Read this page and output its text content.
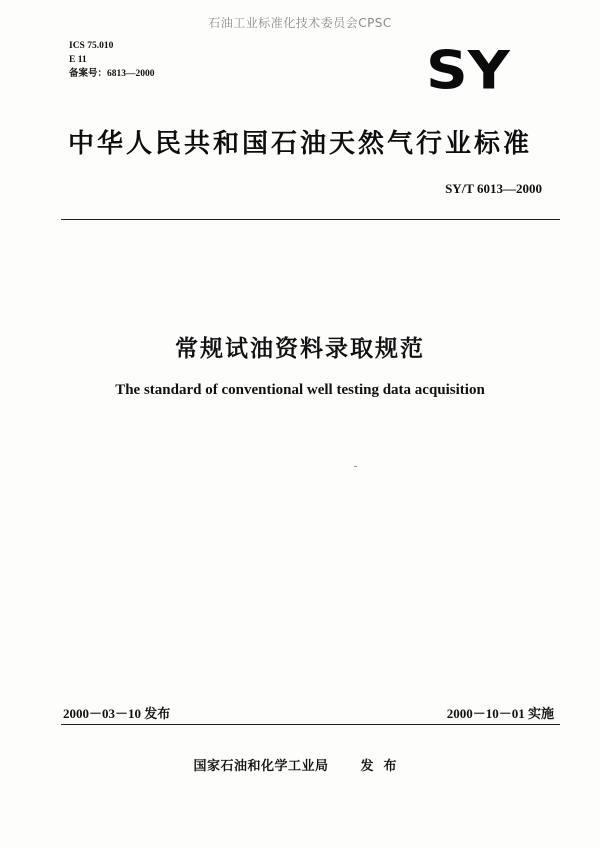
石油工业标准化技术委员会CPSC
ICS 75.010
E 11
备案号：6813—2000	SY
中华人民共和国石油天然气行业标准
SY/T 6013—2000
常规试油资料录取规范
The standard of conventional well testing data acquisition
2000－03－10 发布	2000－10－01 实施
国家石油和化学工业局 发布
